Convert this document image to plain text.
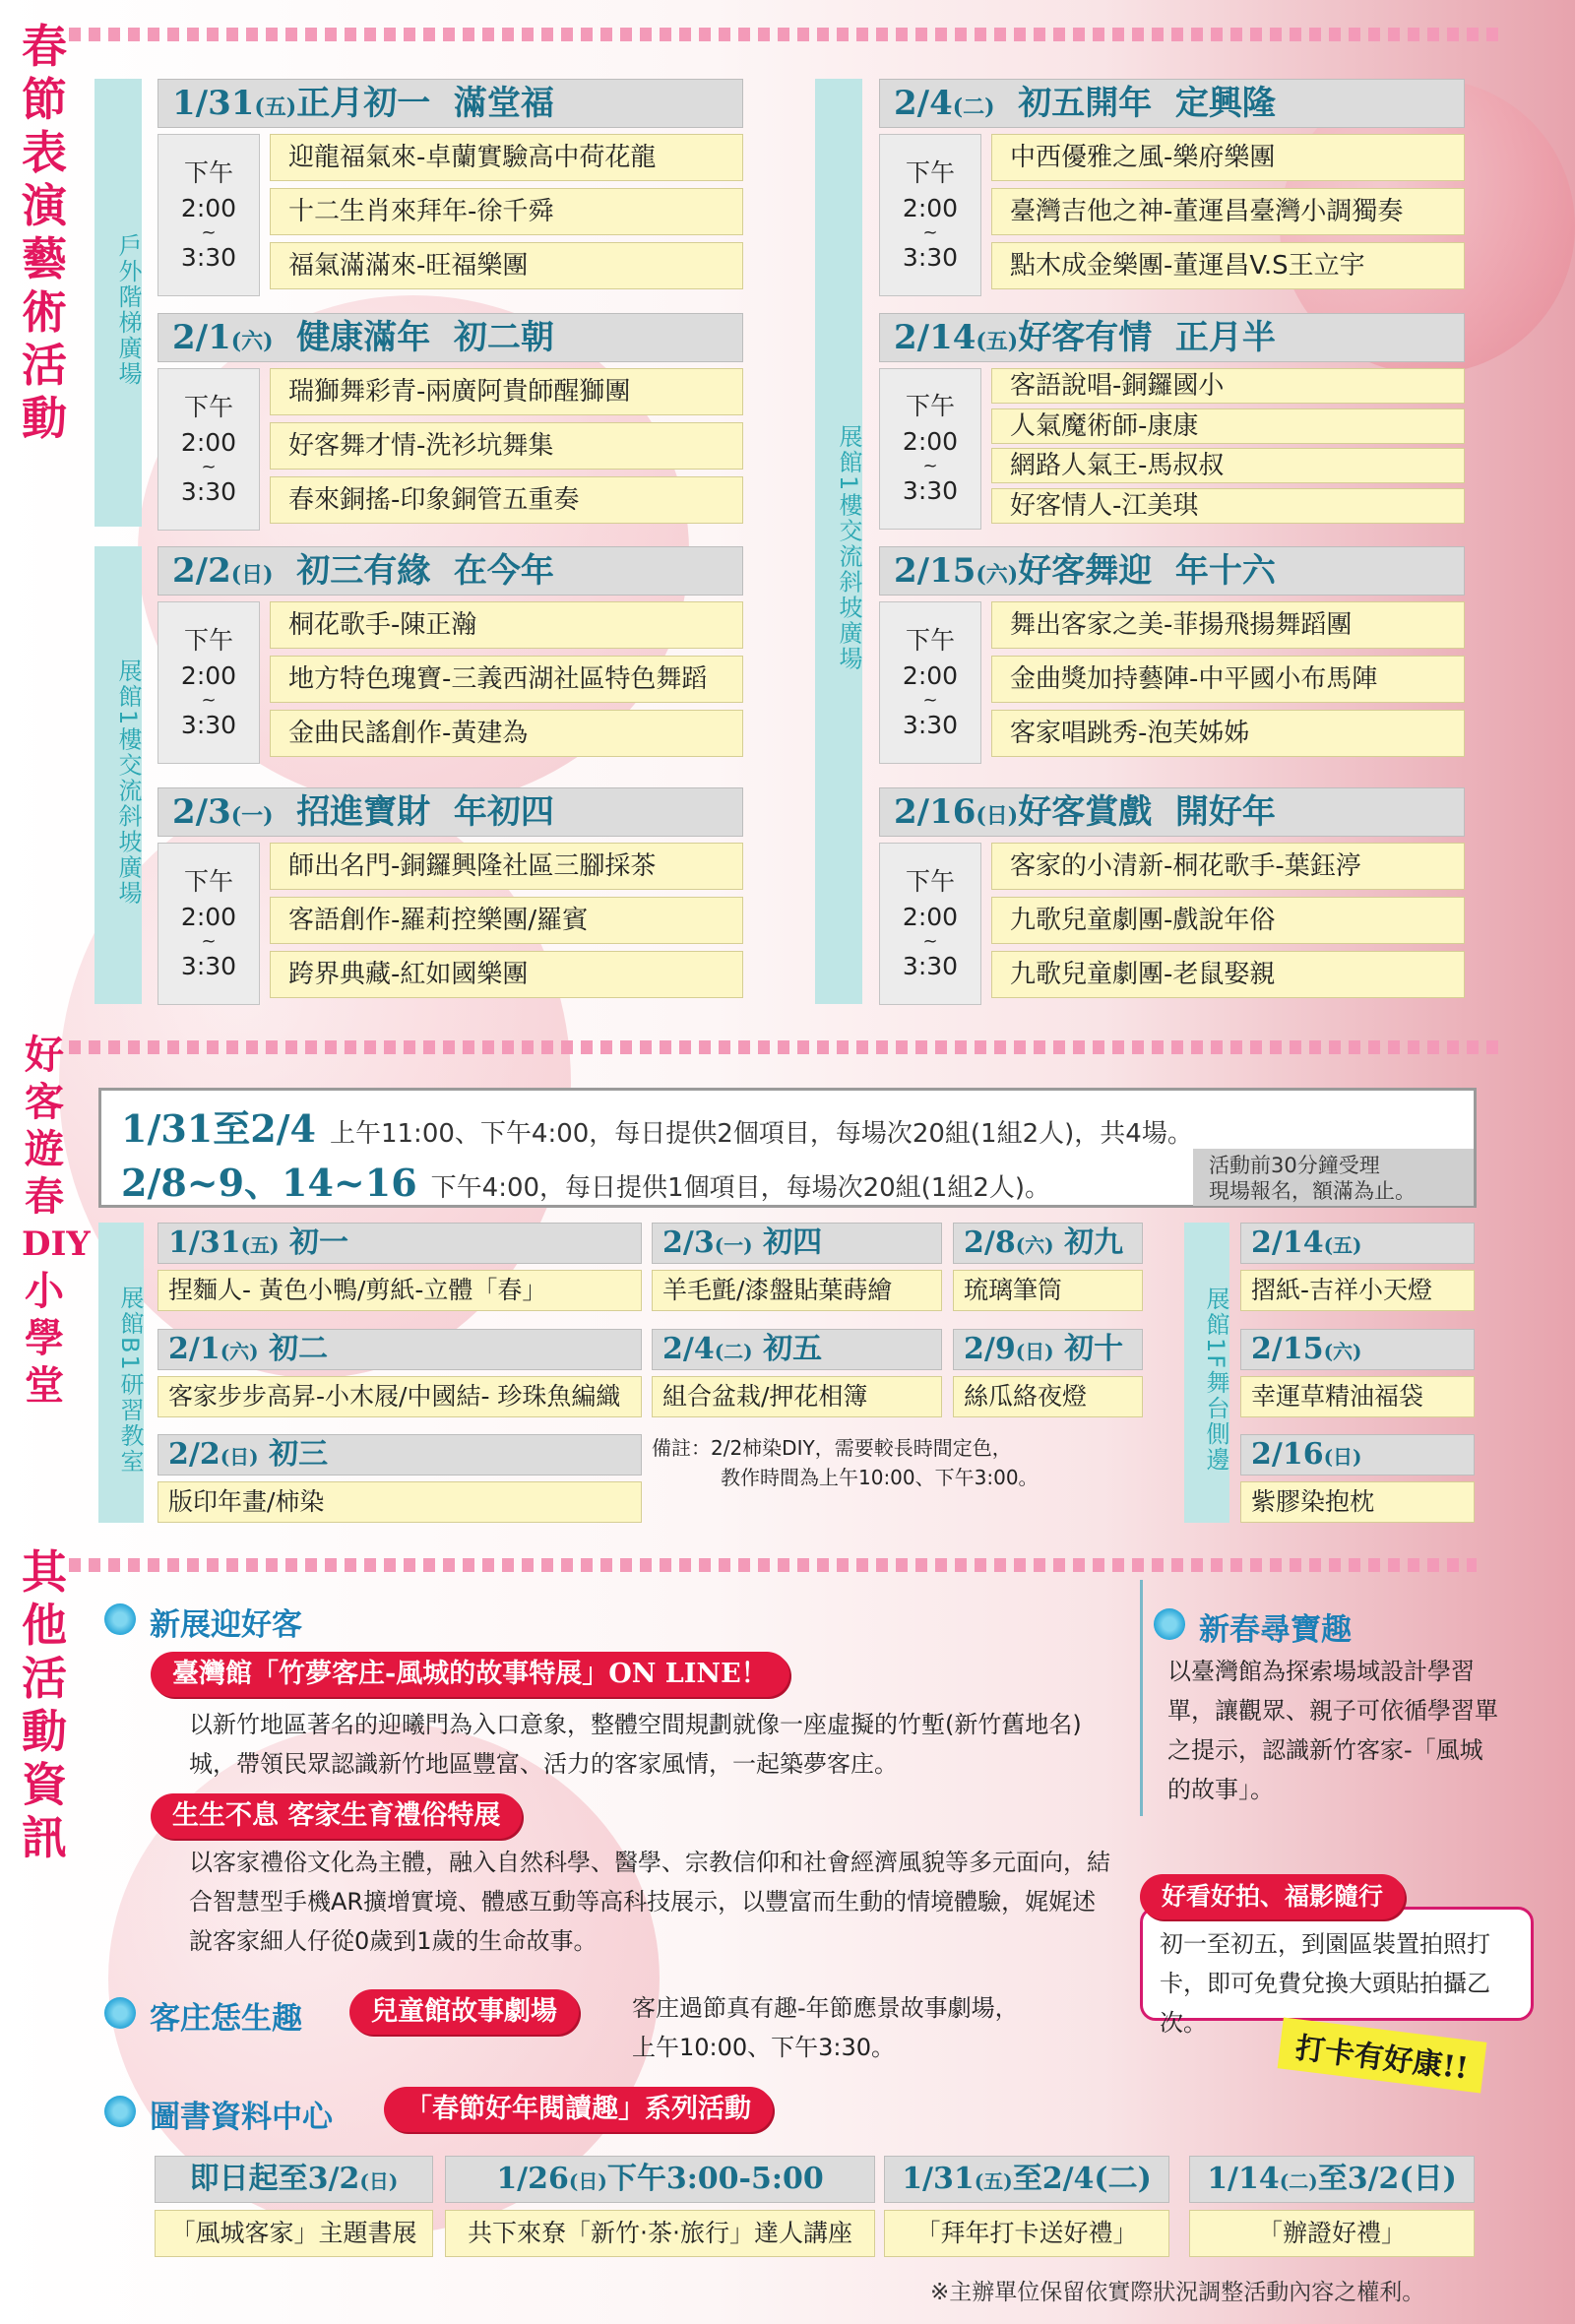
春
節
表
演
藝
術
活
動
戶外階梯廣場
展館1樓交流斜坡廣場
展館1樓交流斜坡廣場
1/31(五)正月初一  滿堂福
下午
2:00
~
3:30
迎龍福氣來-卓蘭實驗高中荷花龍
十二生肖來拜年-徐千舜
福氣滿滿來-旺福樂團
2/1(六)  健康滿年  初二朝
下午
2:00
~
3:30
瑞獅舞彩青-兩廣阿貴師醒獅團
好客舞才情-洗衫坑舞集
春來銅搖-印象銅管五重奏
2/2(日)  初三有緣  在今年
下午
2:00
~
3:30
桐花歌手-陳正瀚
地方特色瑰寶-三義西湖社區特色舞蹈
金曲民謠創作-黃建為
2/3(一)  招進寶財  年初四
下午
2:00
~
3:30
師出名門-銅鑼興隆社區三腳採茶
客語創作-羅莉控樂團/羅賓
跨界典藏-紅如國樂團
2/4(二)  初五開年  定興隆
下午
2:00
~
3:30
中西優雅之風-樂府樂團
臺灣吉他之神-董運昌臺灣小調獨奏
點木成金樂團-董運昌V.S王立宇
2/14(五)好客有情  正月半
下午
2:00
~
3:30
客語說唱-銅鑼國小
人氣魔術師-康康
網路人氣王-馬叔叔
好客情人-江美琪
2/15(六)好客舞迎  年十六
下午
2:00
~
3:30
舞出客家之美-菲揚飛揚舞蹈團
金曲獎加持藝陣-中平國小布馬陣
客家唱跳秀-泡芙姊姊
2/16(日)好客賞戲  開好年
下午
2:00
~
3:30
客家的小清新-桐花歌手-葉鈺渟
九歌兒童劇團-戲說年俗
九歌兒童劇團-老鼠娶親
好
客
遊
春
DIY
小
學
堂
1/31至2/4 上午11:00、下午4:00，每日提供2個項目，每場次20組(1組2人)，共4場。
2/8~9、14~16 下午4:00，每日提供1個項目，每場次20組(1組2人)。
活動前30分鐘受理
現場報名，額滿為止。
展館B1研習教室	展館1F舞台側邊
1/31(五) 初一
捏麵人- 黃色小鴨/剪紙-立體「春」
2/1(六) 初二
客家步步高昇-小木屐/中國結- 珍珠魚編織
2/2(日) 初三
版印年畫/柿染
2/3(一) 初四
羊毛氈/漆盤貼葉蒔繪
2/4(二) 初五
組合盆栽/押花相簿
2/8(六) 初九
琉璃筆筒
2/9(日) 初十
絲瓜絡夜燈
2/14(五)
摺紙-吉祥小天燈
2/15(六)
幸運草精油福袋
2/16(日)
紫膠染抱枕
備註：2/2柿染DIY，需要較長時間定色，
教作時間為上午10:00、下午3:00。
其
他
活
動
資
訊
新展迎好客
臺灣館「竹夢客庄-風城的故事特展」ON LINE！
以新竹地區著名的迎曦門為入口意象，整體空間規劃就像一座虛擬的竹塹(新竹舊地名)城，帶領民眾認識新竹地區豐富、活力的客家風情，一起築夢客庄。
生生不息 客家生育禮俗特展
以客家禮俗文化為主體，融入自然科學、醫學、宗教信仰和社會經濟風貌等多元面向，結合智慧型手機AR擴增實境、體感互動等高科技展示，以豐富而生動的情境體驗，娓娓述說客家細人仔從0歲到1歲的生命故事。
客庄恁生趣	兒童館故事劇場	客庄過節真有趣-年節應景故事劇場，
上午10:00、下午3:30。
圖書資料中心	「春節好年閱讀趣」系列活動
新春尋寶趣
以臺灣館為探索場域設計學習單，讓觀眾、親子可依循學習單之提示，認識新竹客家-「風城的故事」。
好看好拍、福影隨行
初一至初五，到園區裝置拍照打卡，即可免費兌換大頭貼拍攝乙次。
打卡有好康!!
即日起至3/2(日)
「風城客家」主題書展
1/26(日)下午3:00-5:00
共下來尞「新竹‧茶‧旅行」達人講座
1/31(五)至2/4(二)
「拜年打卡送好禮」
1/14(二)至3/2(日)
「辦證好禮」
※主辦單位保留依實際狀況調整活動內容之權利。
